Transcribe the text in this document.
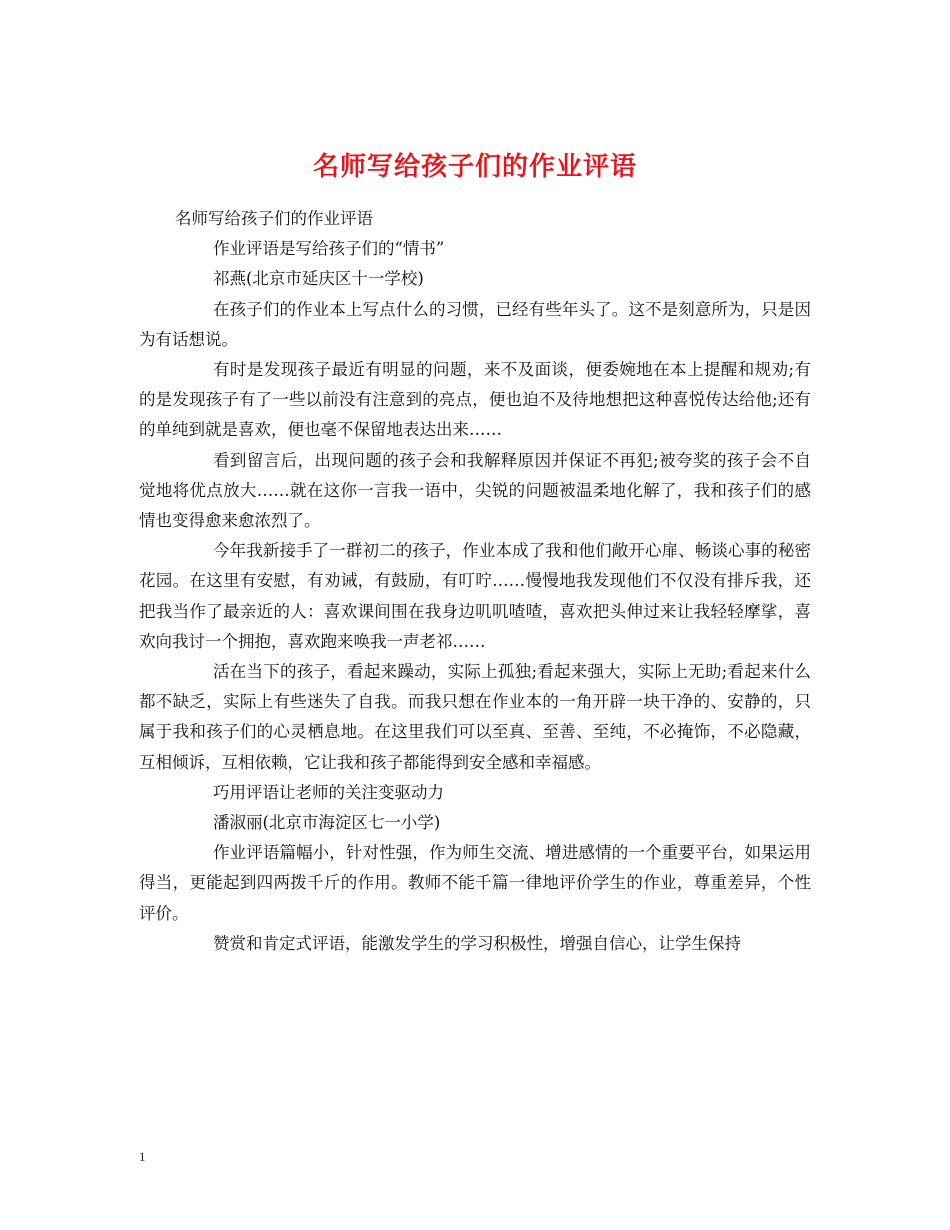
名师写给孩子们的作业评语

名师写给孩子们的作业评语

作业评语是写给孩子们的“情书”

祁燕(北京市延庆区十一学校)

在孩子们的作业本上写点什么的习惯，已经有些年头了。这不是刻意所为，只是因为有话想说。

有时是发现孩子最近有明显的问题，来不及面谈，便委婉地在本上提醒和规劝;有的是发现孩子有了一些以前没有注意到的亮点，便也迫不及待地想把这种喜悦传达给他;还有的单纯到就是喜欢，便也毫不保留地表达出来……

看到留言后，出现问题的孩子会和我解释原因并保证不再犯;被夸奖的孩子会不自觉地将优点放大……就在这你一言我一语中，尖锐的问题被温柔地化解了，我和孩子们的感情也变得愈来愈浓烈了。

今年我新接手了一群初二的孩子，作业本成了我和他们敞开心扉、畅谈心事的秘密花园。在这里有安慰，有劝诫，有鼓励，有叮咛……慢慢地我发现他们不仅没有排斥我，还把我当作了最亲近的人：喜欢课间围在我身边叽叽喳喳，喜欢把头伸过来让我轻轻摩挲，喜欢向我讨一个拥抱，喜欢跑来唤我一声老祁……

活在当下的孩子，看起来躁动，实际上孤独;看起来强大，实际上无助;看起来什么都不缺乏，实际上有些迷失了自我。而我只想在作业本的一角开辟一块干净的、安静的，只属于我和孩子们的心灵栖息地。在这里我们可以至真、至善、至纯，不必掩饰，不必隐藏，互相倾诉，互相依赖，它让我和孩子都能得到安全感和幸福感。

巧用评语让老师的关注变驱动力

潘淑丽(北京市海淀区七一小学)

作业评语篇幅小，针对性强，作为师生交流、增进感情的一个重要平台，如果运用得当，更能起到四两拨千斤的作用。教师不能千篇一律地评价学生的作业，尊重差异，个性评价。

赞赏和肯定式评语，能激发学生的学习积极性，增强自信心，让学生保持

1
